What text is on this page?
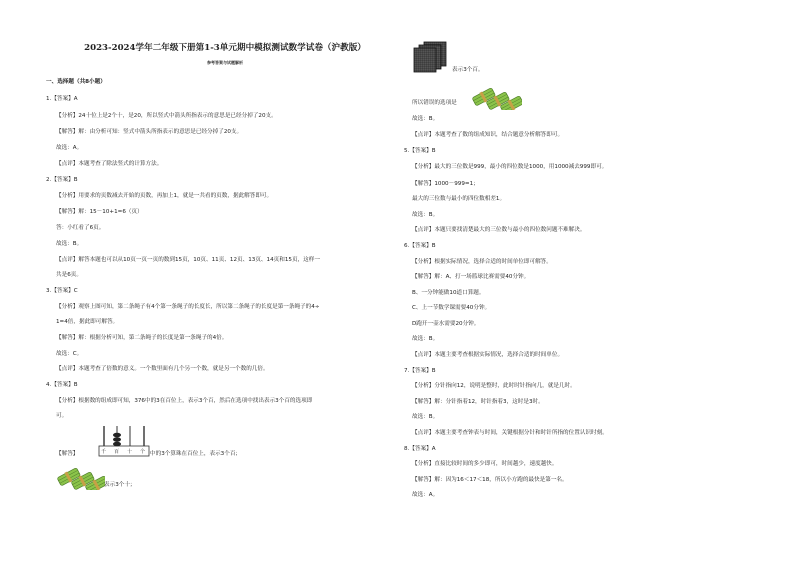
2023-2024学年二年级下册第1-3单元期中模拟测试数学试卷（沪教版）
参考答案与试题解析
一、选择题（共8小题）
1.【答案】A
【分析】24十位上是2个十，是20，所以竖式中箭头所指表示的意思是已经分掉了20支。
【解答】解：由分析可知：竖式中箭头所指表示的意思是已经分掉了20支。
故选：A。
【点评】本题考查了除法竖式的计算方法。
2.【答案】B
【分析】用要求的页数减去开始的页数，再加上1，就是一共看的页数，据此解答即可。
【解答】解：15－10+1=6（页）
答：小红看了6页。
故选：B。
【点评】解答本题也可以从10页一页一页的数到15页，10页、11页、12页、13页、14页和15页，这样一
共是6页。
3.【答案】C
【分析】观察上图可知，第二条绳子有4个第一条绳子的长度长，所以第二条绳子的长度是第一条绳子的4÷
1=4倍，据此即可解答。
【解答】解：根据分析可知，第二条绳子的长度是第一条绳子的4倍。
故选：C。
【点评】本题考查了倍数的意义。一个数里面有几个另一个数，就是另一个数的几倍。
4.【答案】B
【分析】根据数的组成即可知，376中的3在百位上，表示3个百，然后在选项中找出表示3个百的选项即
可。
【解答】	千 百 十 个 中的3个算珠在百位上，表示3个百；
表示3个十；
表示3个百。
所以错误的选项是
故选：B。
【点评】本题考查了数的组成知识，结合题意分析解答即可。
5.【答案】B
【分析】最大的三位数是999，最小的四位数是1000，用1000减去999即可。
【解答】1000－999=1；
最大的三位数与最小的四位数相差1。
故选：B。
【点评】本题只要找清楚最大的三位数与最小的四位数问题不难解决。
6.【答案】B
【分析】根据实际情况，选择合适的时间单位即可解答。
【解答】解：A、打一场篮球比赛需要40分钟。
B、一分钟能做10道口算题。
C、上一节数学课需要40分钟。
D跑开一壶水需要20分钟。
故选：B。
【点评】本题主要考查根据实际情况，选择合适的时间单位。
7.【答案】B
【分析】分针指向12，说明是整时，此时时针指向几，就是几时。
【解答】解：分针指着12，时针指着3，这时是3时。
故选：B。
【点评】本题主要考查钟表与时间，关键根据分针和时针所指的位置认识时刻。
8.【答案】A
【分析】直接比较时间的多少即可，时间越少，速度越快。
【解答】解：因为16＜17＜18，所以小方跑的最快是第一名。
故选：A。
